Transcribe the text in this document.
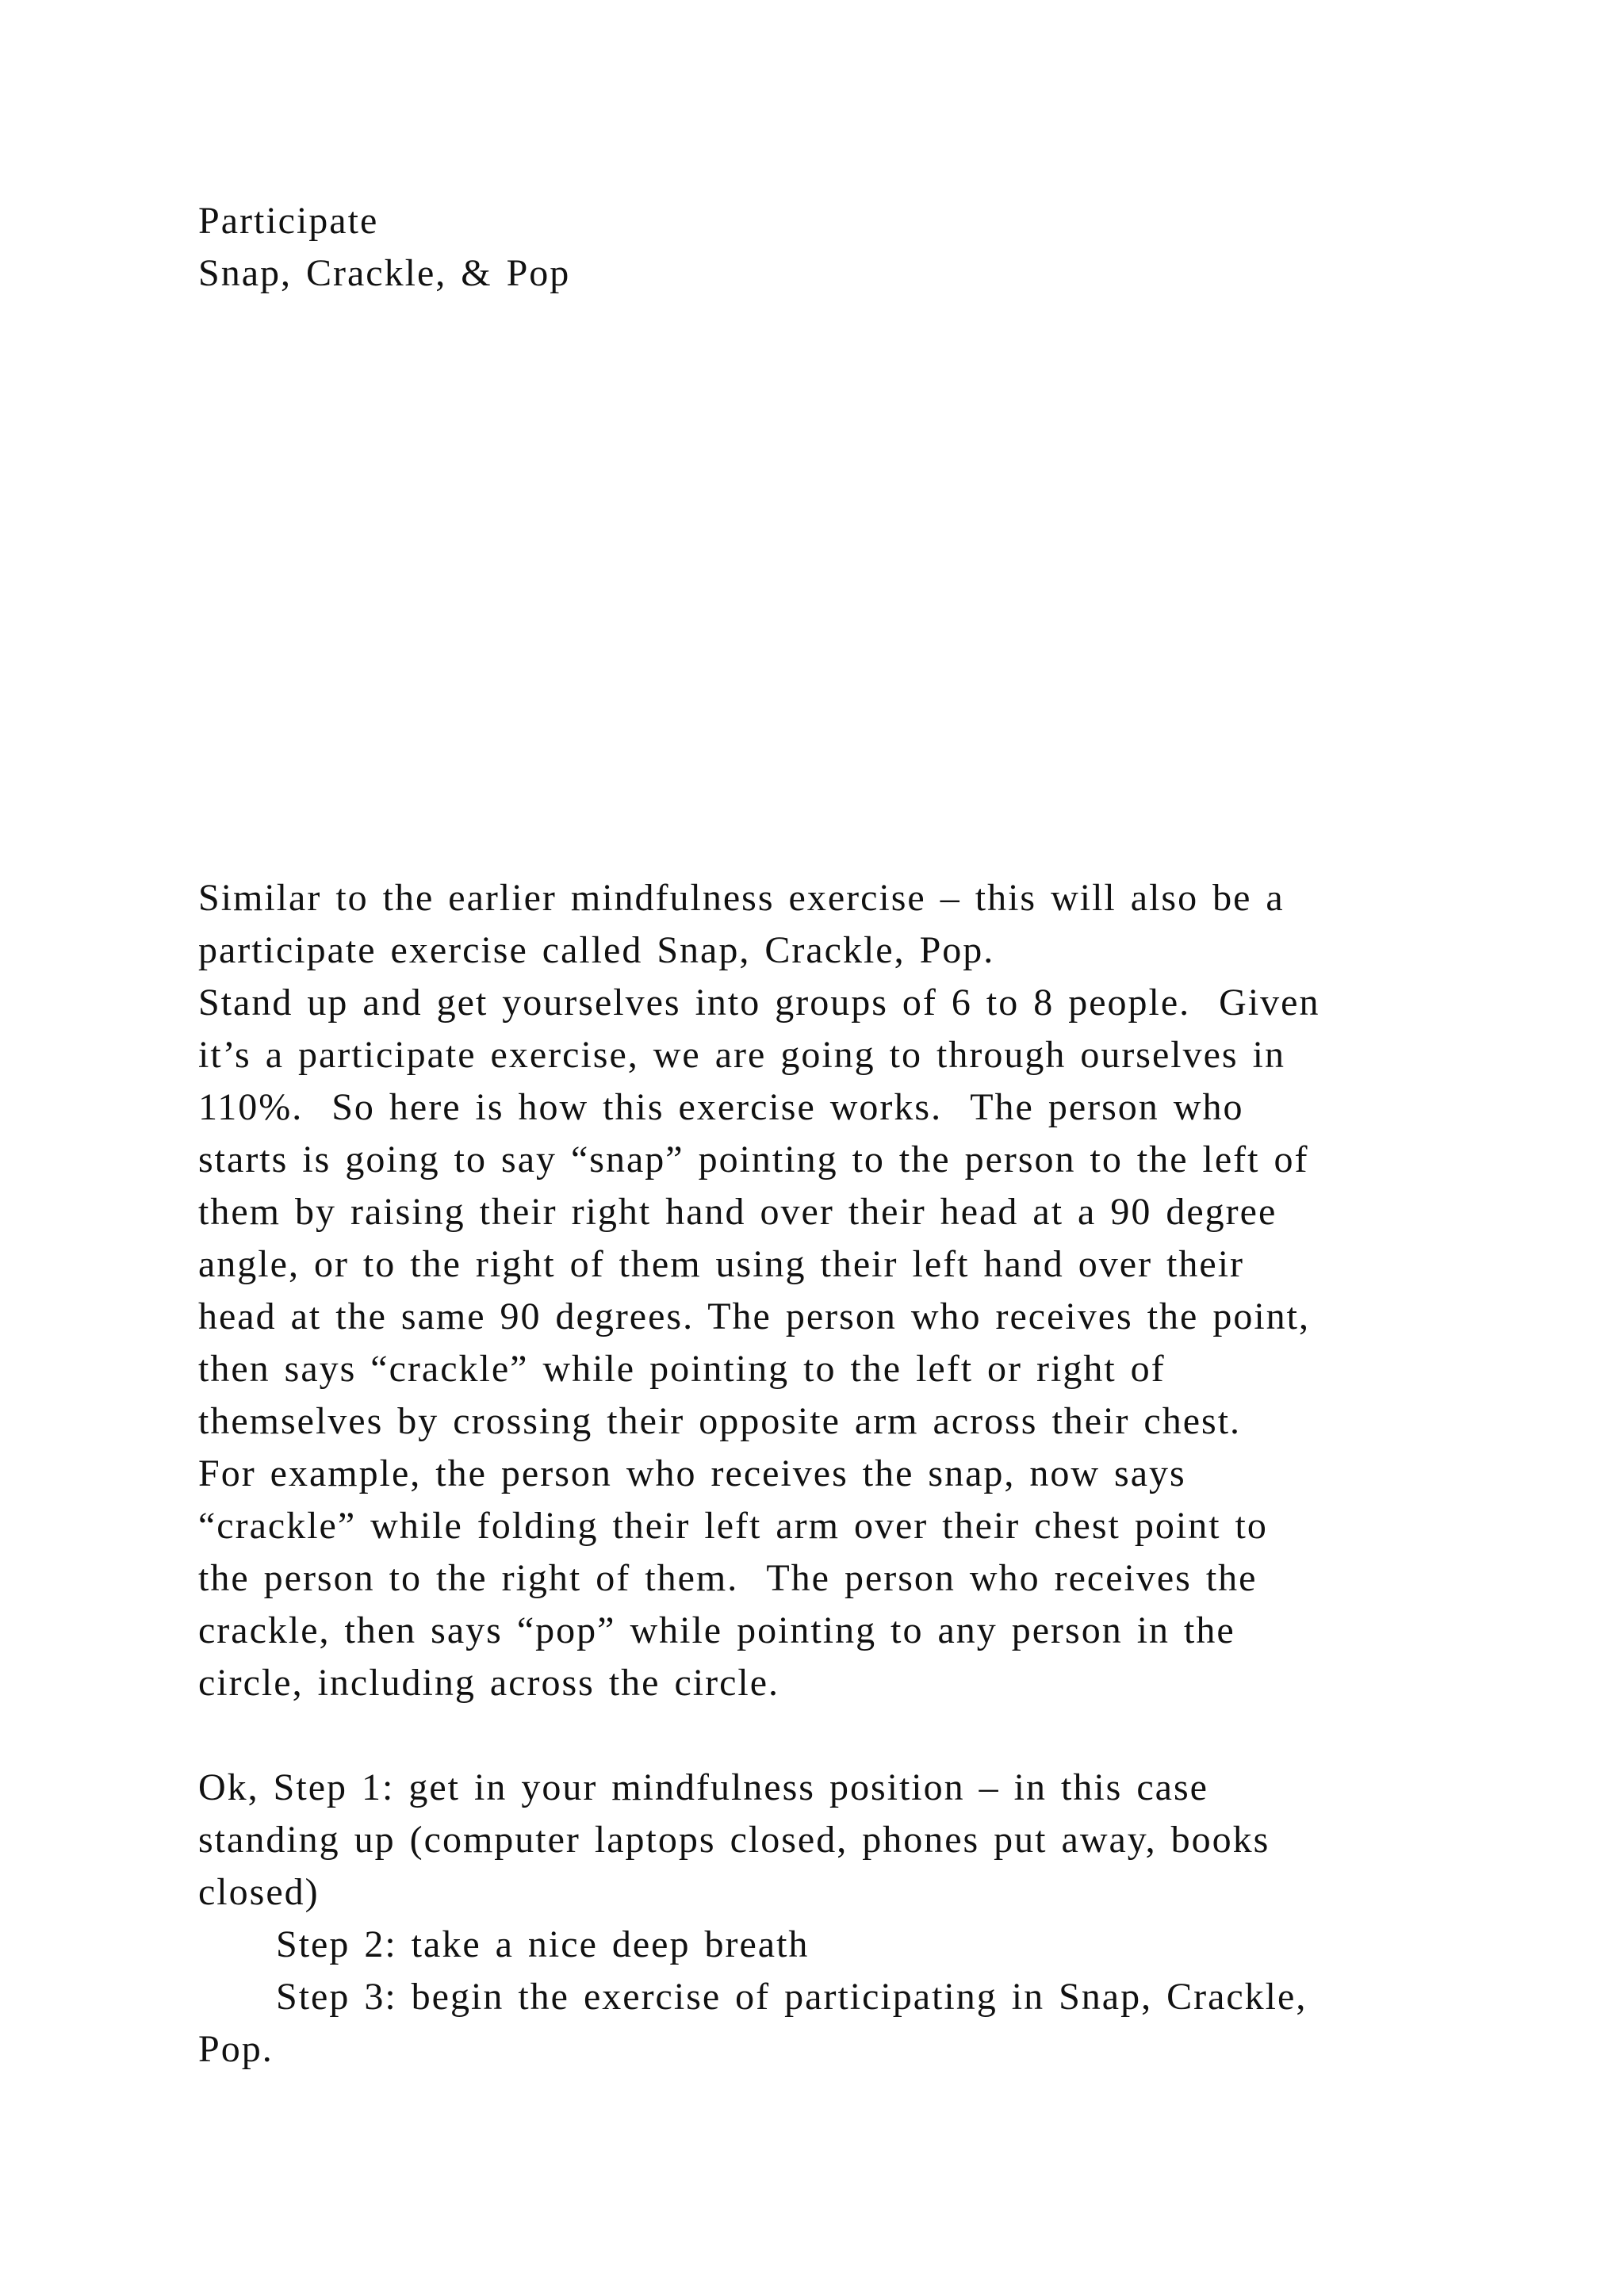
Participate
Snap, Crackle, & Pop
Similar to the earlier mindfulness exercise – this will also be a
participate exercise called Snap, Crackle, Pop.
Stand up and get yourselves into groups of 6 to 8 people.  Given
it’s a participate exercise, we are going to through ourselves in
110%.  So here is how this exercise works.  The person who
starts is going to say “snap” pointing to the person to the left of
them by raising their right hand over their head at a 90 degree
angle, or to the right of them using their left hand over their
head at the same 90 degrees. The person who receives the point,
then says “crackle” while pointing to the left or right of
themselves by crossing their opposite arm across their chest.
For example, the person who receives the snap, now says
“crackle” while folding their left arm over their chest point to
the person to the right of them.  The person who receives the
crackle, then says “pop” while pointing to any person in the
circle, including across the circle.
Ok, Step 1: get in your mindfulness position – in this case
standing up (computer laptops closed, phones put away, books
closed)
Step 2: take a nice deep breath
Step 3: begin the exercise of participating in Snap, Crackle,
Pop.
